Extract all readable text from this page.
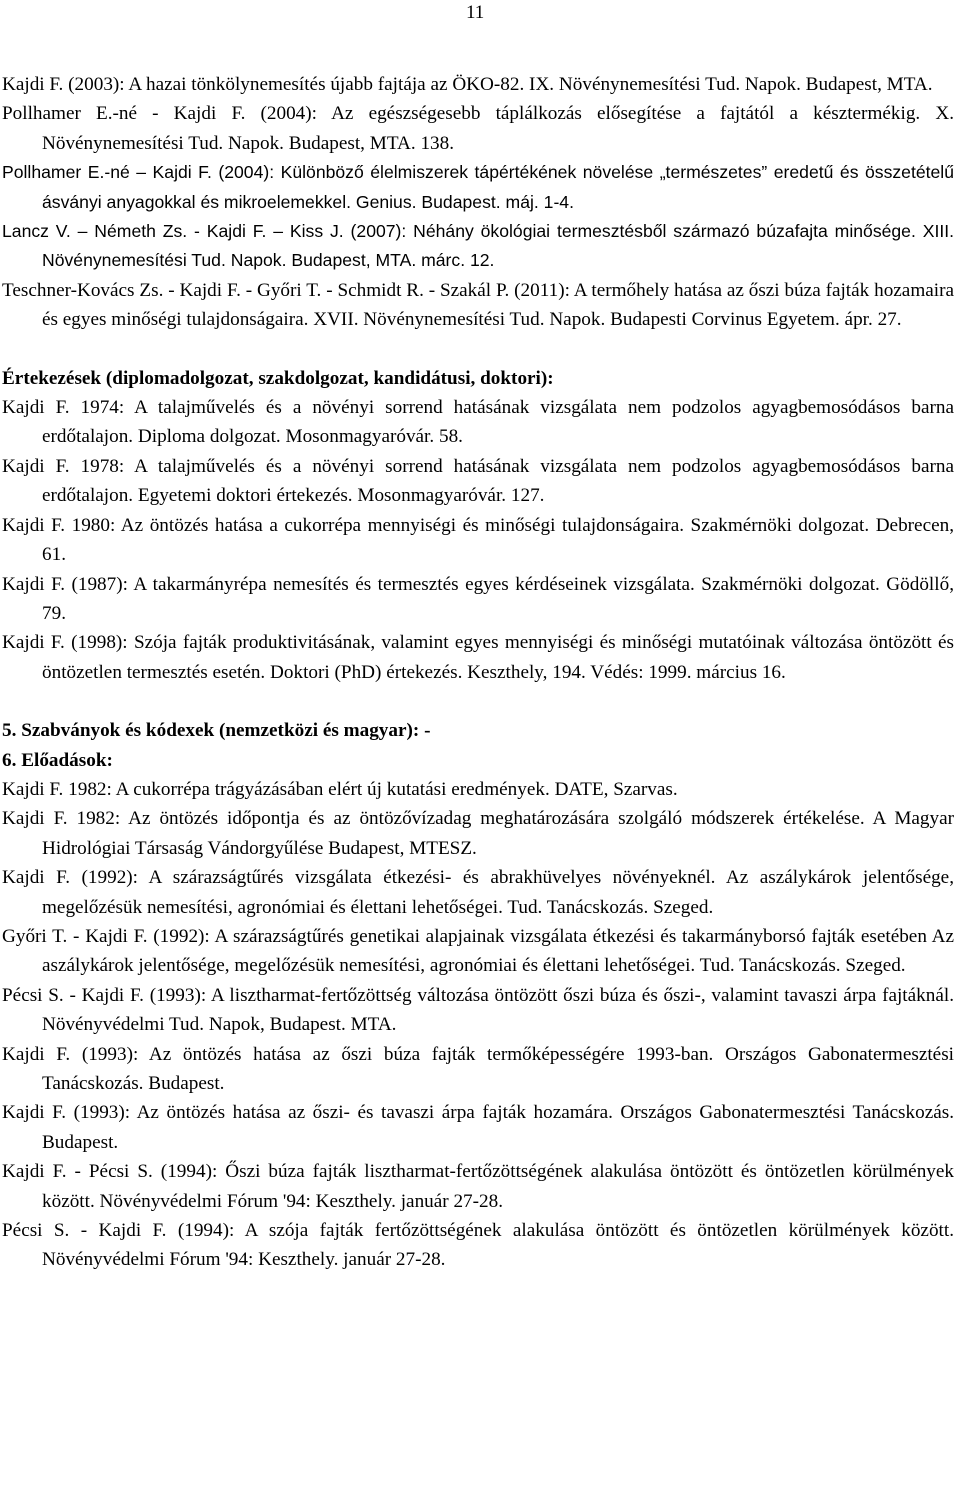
11

Kajdi F. (2003): A hazai tönkölynemesítés újabb fajtája az ÖKO-82. IX. Növénynemesítési Tud. Napok. Budapest, MTA.

Pollhamer E.-né - Kajdi F. (2004): Az egészségesebb táplálkozás elősegítése a fajtától a késztermékig. X. Növénynemesítési Tud. Napok. Budapest, MTA. 138.

Pollhamer E.-né – Kajdi F. (2004): Különböző élelmiszerek tápértékének növelése „természetes” eredetű és összetételű ásványi anyagokkal és mikroelemekkel. Genius. Budapest. máj. 1-4.

Lancz V. – Németh Zs. - Kajdi F. – Kiss J. (2007): Néhány ökológiai termesztésből származó búzafajta minősége. XIII. Növénynemesítési Tud. Napok. Budapest, MTA. márc. 12.

Teschner-Kovács Zs. - Kajdi F. - Győri T. - Schmidt R. - Szakál P. (2011): A termőhely hatása az őszi búza fajták hozamaira és egyes minőségi tulajdonságaira. XVII. Növénynemesítési Tud. Napok. Budapesti Corvinus Egyetem. ápr. 27.

Értekezések (diplomadolgozat, szakdolgozat, kandidátusi, doktori):

Kajdi F. 1974: A talajművelés és a növényi sorrend hatásának vizsgálata nem podzolos agyagbemosódásos barna erdőtalajon. Diploma dolgozat. Mosonmagyaróvár. 58.

Kajdi F. 1978: A talajművelés és a növényi sorrend hatásának vizsgálata nem podzolos agyagbemosódásos barna erdőtalajon. Egyetemi doktori értekezés. Mosonmagyaróvár. 127.

Kajdi F. 1980: Az öntözés hatása a cukorrépa mennyiségi és minőségi tulajdonságaira. Szakmérnöki dolgozat. Debrecen, 61.

Kajdi F. (1987): A takarmányrépa nemesítés és termesztés egyes kérdéseinek vizsgálata. Szakmérnöki dolgozat. Gödöllő, 79.

Kajdi F. (1998): Szója fajták produktivitásának, valamint egyes mennyiségi és minőségi mutatóinak változása öntözött és öntözetlen termesztés esetén. Doktori (PhD) értekezés. Keszthely, 194. Védés: 1999. március 16.

5. Szabványok és kódexek (nemzetközi és magyar): -

6. Előadások:

Kajdi F. 1982: A cukorrépa trágyázásában elért új kutatási eredmények. DATE, Szarvas.

Kajdi F. 1982: Az öntözés időpontja és az öntözővízadag meghatározására szolgáló módszerek értékelése. A Magyar Hidrológiai Társaság Vándorgyűlése Budapest, MTESZ.

Kajdi F. (1992): A szárazságtűrés vizsgálata étkezési- és abrakhüvelyes növényeknél. Az aszálykárok jelentősége, megelőzésük nemesítési, agronómiai és élettani lehetőségei. Tud. Tanácskozás. Szeged.

Győri T. - Kajdi F. (1992): A szárazságtűrés genetikai alapjainak vizsgálata étkezési és takarmányborsó fajták esetében Az aszálykárok jelentősége, megelőzésük nemesítési, agronómiai és élettani lehetőségei. Tud. Tanácskozás. Szeged.

Pécsi S. - Kajdi F. (1993): A lisztharmat-fertőzöttség változása öntözött őszi búza és őszi-, valamint tavaszi árpa fajtáknál. Növényvédelmi Tud. Napok, Budapest. MTA.

Kajdi F. (1993): Az öntözés hatása az őszi búza fajták termőképességére 1993-ban. Országos Gabonatermesztési Tanácskozás. Budapest.

Kajdi F. (1993): Az öntözés hatása az őszi- és tavaszi árpa fajták hozamára. Országos Gabonatermesztési Tanácskozás. Budapest.

Kajdi F. - Pécsi S. (1994): Őszi búza fajták lisztharmat-fertőzöttségének alakulása öntözött és öntözetlen körülmények között. Növényvédelmi Fórum '94: Keszthely. január 27-28.

Pécsi S. - Kajdi F. (1994): A szója fajták fertőzöttségének alakulása öntözött és öntözetlen körülmények között. Növényvédelmi Fórum '94: Keszthely. január 27-28.
